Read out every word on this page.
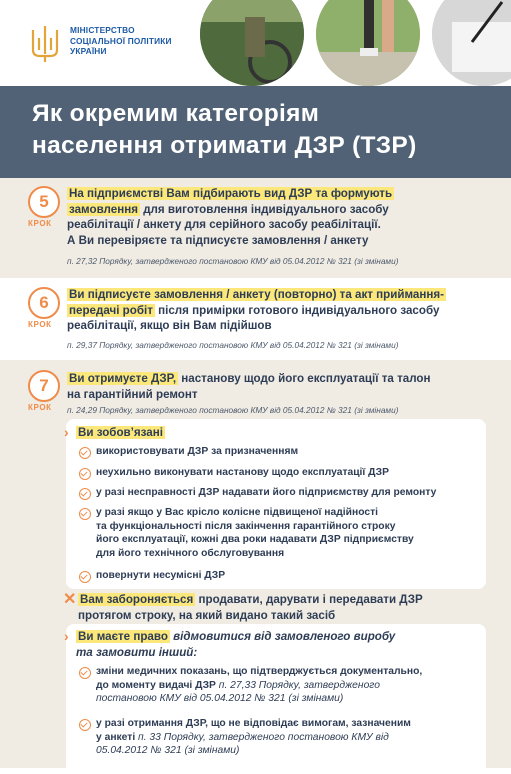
МІНІСТЕРСТВО
СОЦІАЛЬНОЇ ПОЛІТИКИ
УКРАЇНИ
Як окремим категоріям
населення отримати ДЗР (ТЗР)
5
КРОК
На підприємстві Вам підбирають вид ДЗР та формують
замовлення для виготовлення індивідуального засобу
реабілітації / анкету для серійного засобу реабілітації.
А Ви перевіряєте та підписуєте замовлення / анкету
п. 27,32 Порядку, затвердженого постановою КМУ від 05.04.2012 № 321 (зі змінами)
6
КРОК
Ви підписуєте замовлення / анкету (повторно) та акт приймання-
передачі робіт після примірки готового індивідуального засобу
реабілітації, якщо він Вам підійшов
п. 29,37 Порядку, затвердженого постановою КМУ від 05.04.2012 № 321 (зі змінами)
7
КРОК
Ви отримуєте ДЗР, настанову щодо його експлуатації та талон
на гарантійний ремонт
п. 24,29 Порядку, затвердженого постановою КМУ від 05.04.2012 № 321 (зі змінами)
› Ви зобов’язані
використовувати ДЗР за призначенням
неухильно виконувати настанову щодо експлуатації ДЗР
у разі несправності ДЗР надавати його підприємству для ремонту
у разі якщо у Вас крісло колісне підвищеної надійності
та функціональності після закінчення гарантійного строку
його експлуатації, кожні два роки надавати ДЗР підприємству
для його технічного обслуговування
повернути несумісні ДЗР
✕ Вам забороняється продавати, дарувати і передавати ДЗР
протягом строку, на який видано такий засіб
› Ви маєте право відмовитися від замовленого виробу
та замовити інший:
зміни медичних показань, що підтверджується документально,
до моменту видачі ДЗР п. 27,33 Порядку, затвердженого
постановою КМУ від 05.04.2012 № 321 (зі змінами)
у разі отримання ДЗР, що не відповідає вимогам, зазначеним
у анкеті п. 33 Порядку, затвердженого постановою КМУ від
05.04.2012 № 321 (зі змінами)
